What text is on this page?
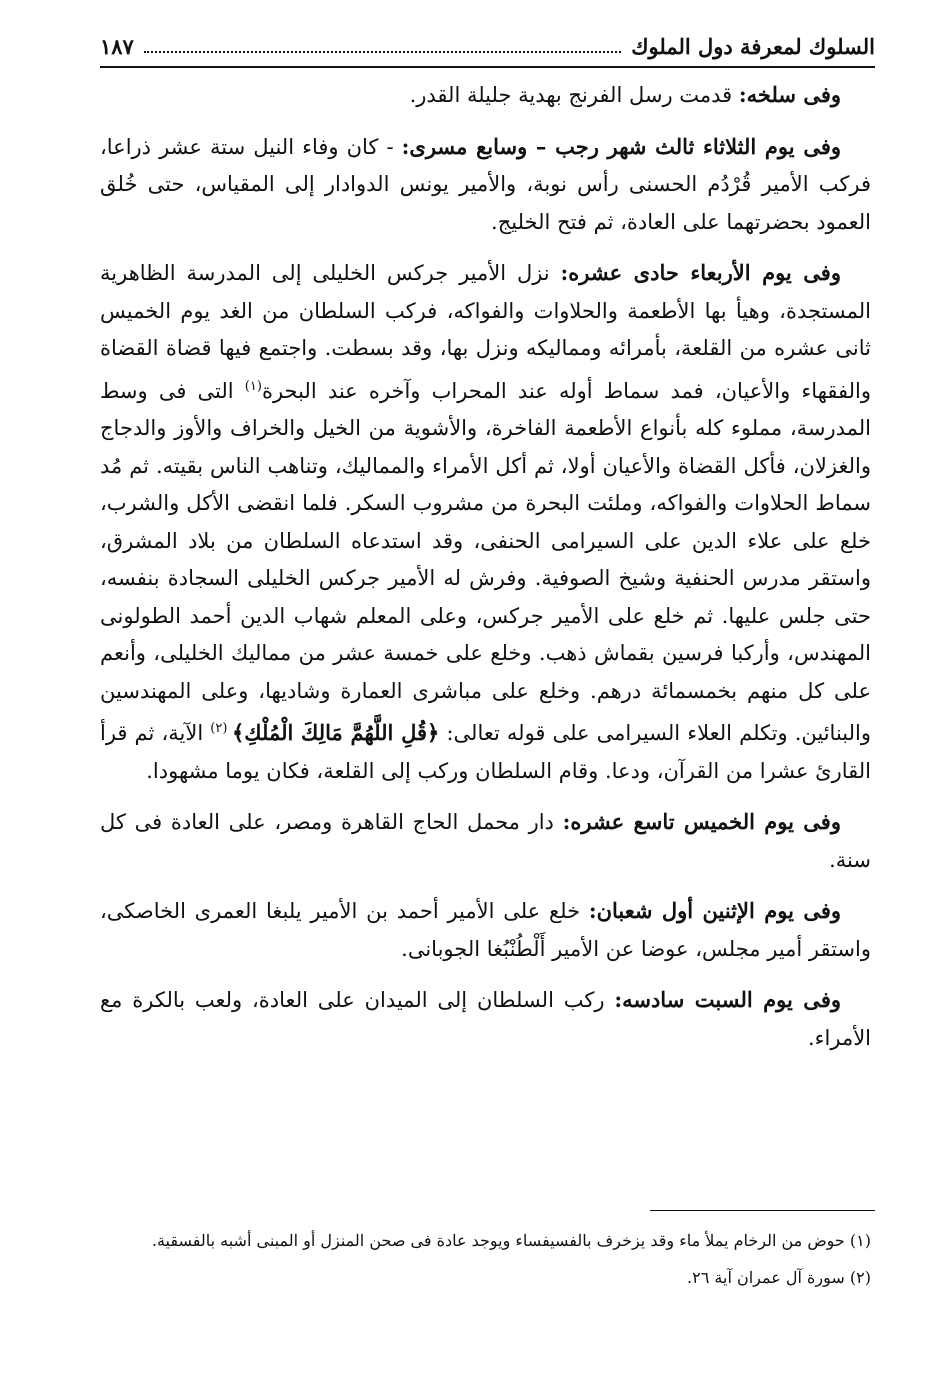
السلوك لمعرفة دول الملوك
١٨٧

وفى سلخه: قدمت رسل الفرنج بهدية جليلة القدر.

وفى يوم الثلاثاء ثالث شهر رجب – وسابع مسرى: - كان وفاء النيل ستة عشر ذراعا، فركب الأمير قُرْدُم الحسنى رأس نوبة، والأمير يونس الدوادار إلى المقياس، حتى خُلق العمود بحضرتهما على العادة، ثم فتح الخليج.

وفى يوم الأربعاء حادى عشره: نزل الأمير جركس الخليلى إلى المدرسة الظاهرية المستجدة، وهيأ بها الأطعمة والحلاوات والفواكه، فركب السلطان من الغد يوم الخميس ثانى عشره من القلعة، بأمرائه ومماليكه ونزل بها، وقد بسطت. واجتمع فيها قضاة القضاة والفقهاء والأعيان، فمد سماط أوله عند المحراب وآخره عند البحرة$^{(١)}$ التى فى وسط المدرسة، مملوء كله بأنواع الأطعمة الفاخرة، والأشوية من الخيل والخراف والأوز والدجاج والغزلان، فأكل القضاة والأعيان أولا، ثم أكل الأمراء والمماليك، وتناهب الناس بقيته. ثم مُد سماط الحلاوات والفواكه، وملئت البحرة من مشروب السكر. فلما انقضى الأكل والشرب، خلع على علاء الدين على السيرامى الحنفى، وقد استدعاه السلطان من بلاد المشرق، واستقر مدرس الحنفية وشيخ الصوفية. وفرش له الأمير جركس الخليلى السجادة بنفسه، حتى جلس عليها. ثم خلع على الأمير جركس، وعلى المعلم شهاب الدين أحمد الطولونى المهندس، وأركبا فرسين بقماش ذهب. وخلع على خمسة عشر من مماليك الخليلى، وأنعم على كل منهم بخمسمائة درهم. وخلع على مباشرى العمارة وشاديها، وعلى المهندسين والبنائين. وتكلم العلاء السيرامى على قوله تعالى: ﴿قُلِ اللَّهُمَّ مَالِكَ الْمُلْكِ﴾ $^{(٢)}$ الآية، ثم قرأ القارئ عشرا من القرآن، ودعا. وقام السلطان وركب إلى القلعة، فكان يوما مشهودا.

وفى يوم الخميس تاسع عشره: دار محمل الحاج القاهرة ومصر، على العادة فى كل سنة.

وفى يوم الإثنين أول شعبان: خلع على الأمير أحمد بن الأمير يلبغا العمرى الخاصكى، واستقر أمير مجلس، عوضا عن الأمير أَلْطُنْبُغا الجوبانى.

وفى يوم السبت سادسه: ركب السلطان إلى الميدان على العادة، ولعب بالكرة مع الأمراء.

(١) حوض من الرخام يملأ ماء وقد يزخرف بالفسيفساء ويوجد عادة فى صحن المنزل أو المبنى أشبه بالفسقية.

(٢) سورة آل عمران آية ٢٦.
